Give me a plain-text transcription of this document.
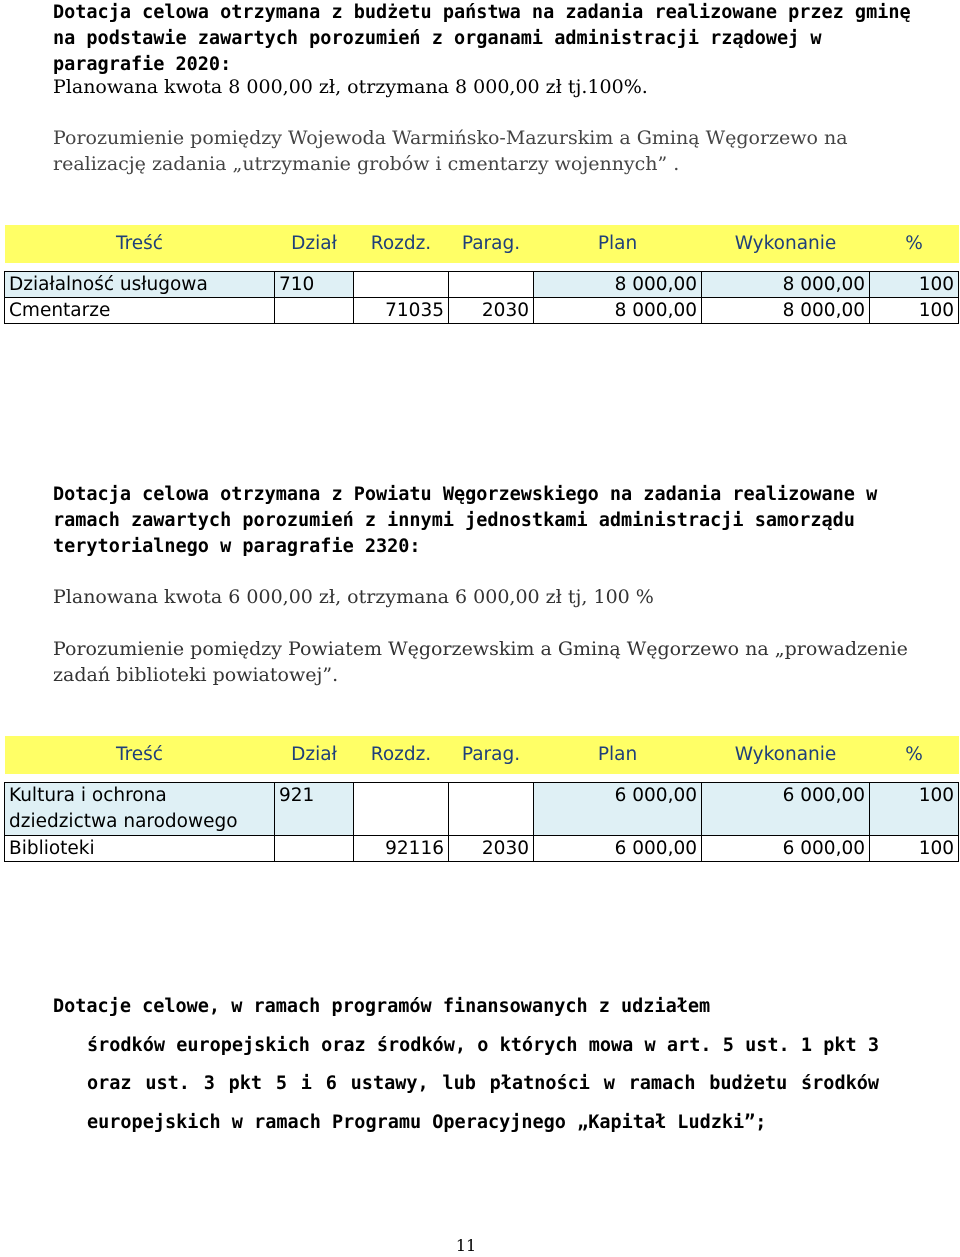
Dotacja celowa otrzymana z budżetu państwa na zadania realizowane przez gminę na podstawie zawartych porozumień z organami administracji rządowej w paragrafie 2020:
Planowana kwota 8 000,00 zł, otrzymana 8 000,00 zł tj.100%.
Porozumienie pomiędzy Wojewoda Warmińsko-Mazurskim a Gminą Węgorzewo na realizację zadania „utrzymanie grobów i cmentarzy wojennych” .
Treść	Dział	Rozdz.	Parag.	Plan	Wykonanie	%

Działalność usługowa	710			8 000,00	8 000,00	100
Cmentarze		71035	2030	8 000,00	8 000,00	100
Dotacja celowa otrzymana z Powiatu Węgorzewskiego na zadania realizowane w ramach zawartych porozumień z innymi jednostkami administracji samorządu terytorialnego w paragrafie 2320:
Planowana kwota 6 000,00 zł, otrzymana 6 000,00 zł tj, 100 %
Porozumienie pomiędzy Powiatem Węgorzewskim a Gminą Węgorzewo na „prowadzenie zadań biblioteki powiatowej”.
Treść	Dział	Rozdz.	Parag.	Plan	Wykonanie	%

Kultura i ochrona dziedzictwa narodowego	921			6 000,00	6 000,00	100
Biblioteki		92116	2030	6 000,00	6 000,00	100
Dotacje celowe, w ramach programów finansowanych z udziałem
środków europejskich oraz środków, o których mowa w art. 5 ust. 1 pkt 3 oraz ust. 3 pkt 5 i 6 ustawy, lub płatności w ramach budżetu środków europejskich w ramach Programu Operacyjnego „Kapitał Ludzki”;
11
